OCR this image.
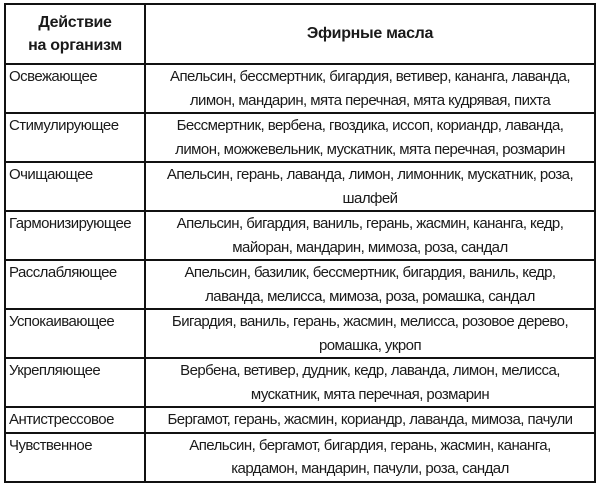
Действие
на организм	Эфирные масла
Освежающее	Апельсин, бессмертник, бигардия, ветивер, кананга, лаванда,
лимон, мандарин, мята перечная, мята кудрявая, пихта

Стимулирующее	Бессмертник, вербена, гвоздика, иссоп, кориандр, лаванда,
лимон, можжевельник, мускатник, мята перечная, розмарин

Очищающее	Апельсин, герань, лаванда, лимон, лимонник, мускатник, роза,
шалфей

Гармонизирующее	Апельсин, бигардия, ваниль, герань, жасмин, кананга, кедр,
майоран, мандарин, мимоза, роза, сандал

Расслабляющее	Апельсин, базилик, бессмертник, бигардия, ваниль, кедр,
лаванда, мелисса, мимоза, роза, ромашка, сандал

Успокаивающее	Бигардия, ваниль, герань, жасмин, мелисса, розовое дерево,
ромашка, укроп

Укрепляющее	Вербена, ветивер, дудник, кедр, лаванда, лимон, мелисса,
мускатник, мята перечная, розмарин

Антистрессовое	Бергамот, герань, жасмин, кориандр, лаванда, мимоза, пачули

Чувственное	Апельсин, бергамот, бигардия, герань, жасмин, кананга,
кардамон, мандарин, пачули, роза, сандал
